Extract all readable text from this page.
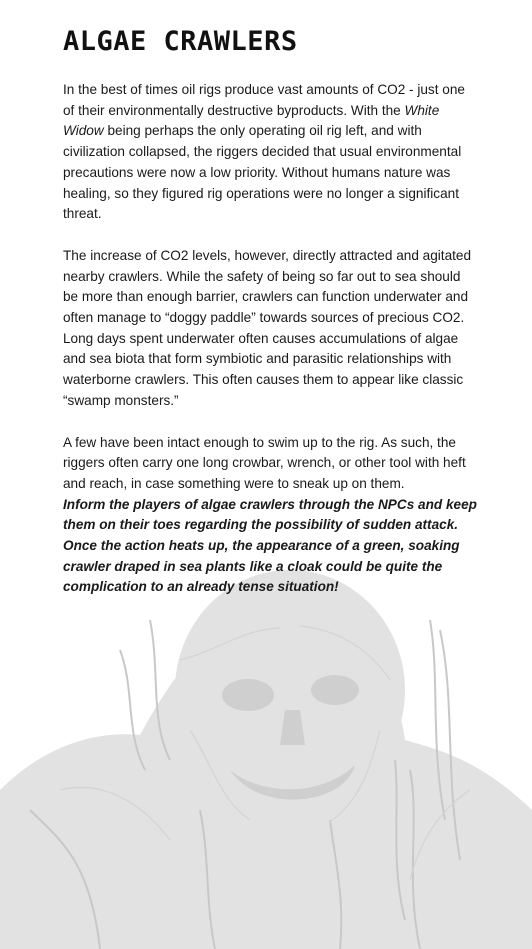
ALGAE CRAWLERS

In the best of times oil rigs produce vast amounts of CO2 - just one of their environmentally destructive byproducts. With the White Widow being perhaps the only operating oil rig left, and with civilization collapsed, the riggers decided that usual environmental precautions were now a low priority. Without humans nature was healing, so they figured rig operations were no longer a significant threat.

The increase of CO2 levels, however, directly attracted and agitated nearby crawlers. While the safety of being so far out to sea should be more than enough barrier, crawlers can function underwater and often manage to “doggy paddle” towards sources of precious CO2. Long days spent underwater often causes accumulations of algae and sea biota that form symbiotic and parasitic relationships with waterborne crawlers. This often causes them to appear like classic “swamp monsters.”

A few have been intact enough to swim up to the rig. As such, the riggers often carry one long crowbar, wrench, or other tool with heft and reach, in case something were to sneak up on them.
Inform the players of algae crawlers through the NPCs and keep them on their toes regarding the possibility of sudden attack. Once the action heats up, the appearance of a green, soaking crawler draped in sea plants like a cloak could be quite the complication to an already tense situation!
